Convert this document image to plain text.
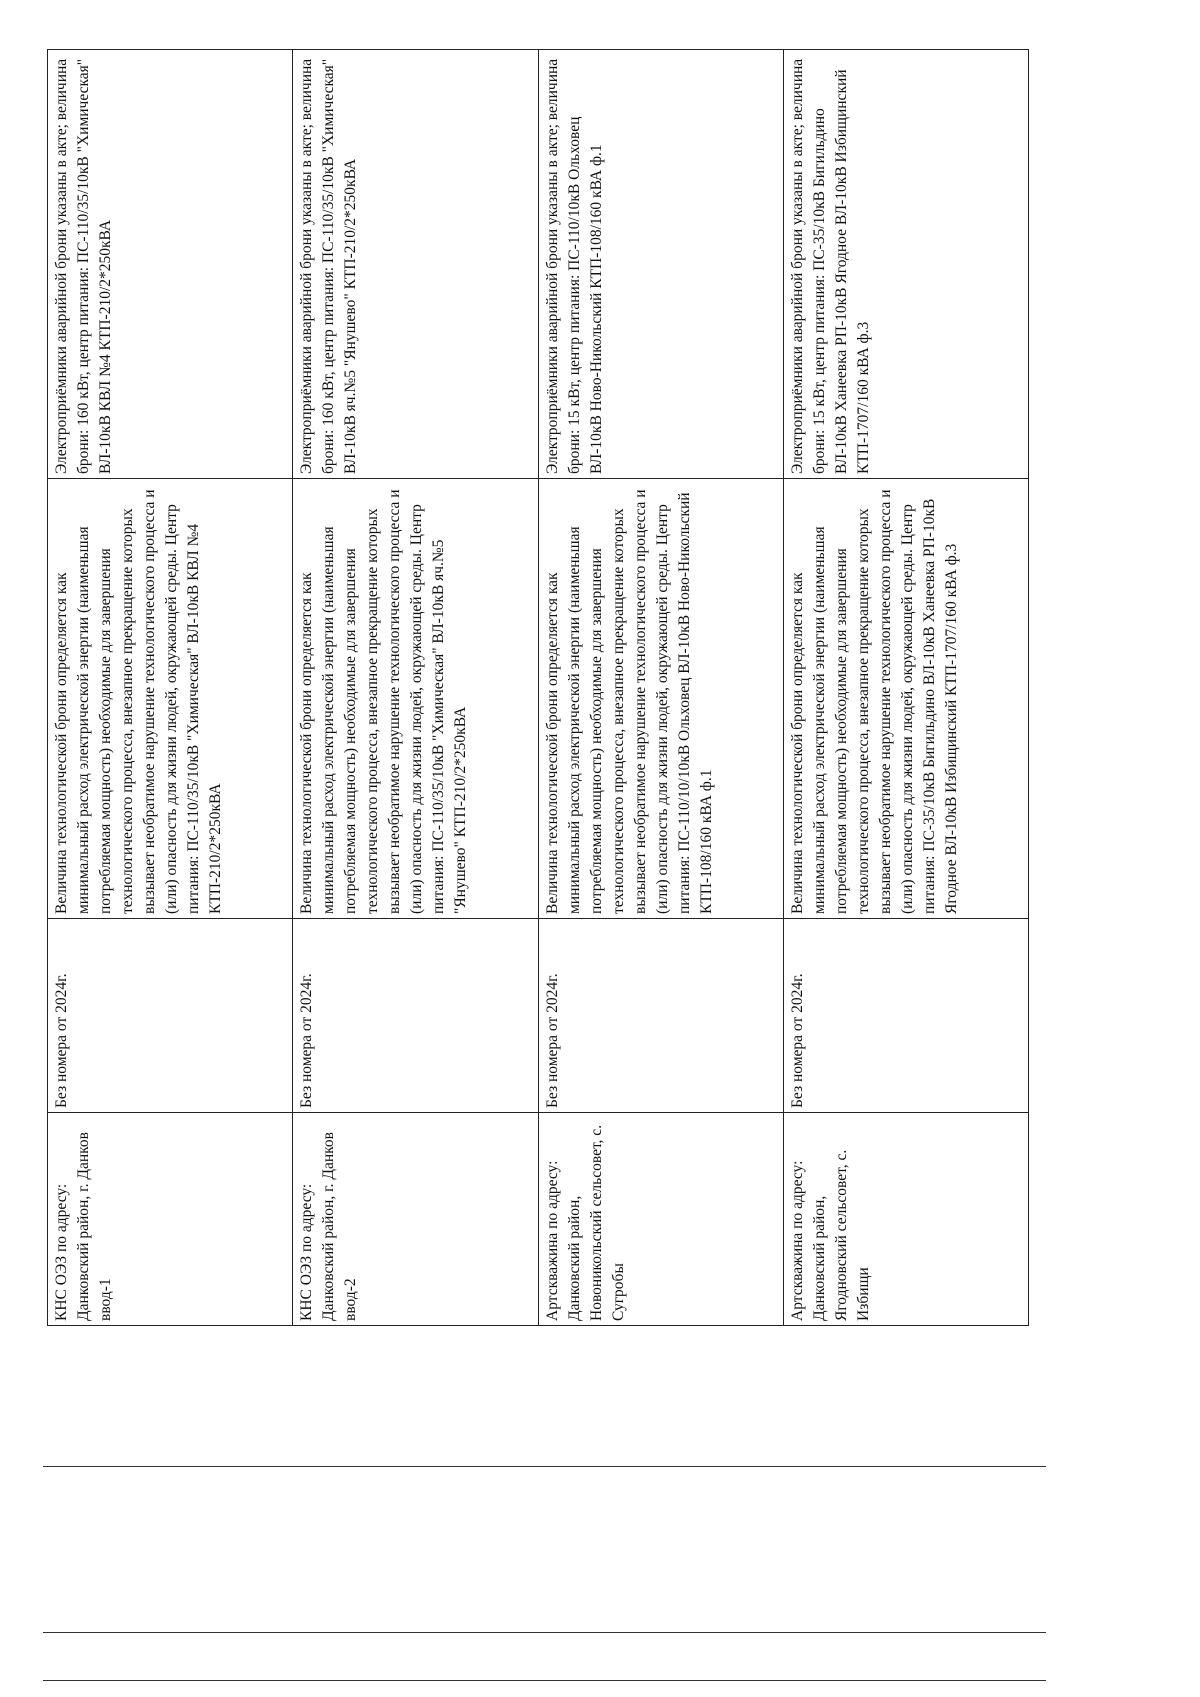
КНС ОЭЗ по адресу: Данковский район, г. Данков ввод-1	Без номера от 2024г.	Величина технологической брони определяется как минимальный расход электрической энергии (наименьшая потребляемая мощность) необходимые для завершения технологического процесса, внезапное прекращение которых вызывает необратимое нарушение технологического процесса и (или) опасность для жизни людей, окружающей среды. Центр питания: ПС-110/35/10кВ "Химическая" ВЛ-10кВ КВЛ №4 КТП-210/2*250кВА	Электроприёмники аварийной брони указаны в акте; величина брони: 160 кВт, центр питания: ПС-110/35/10кВ "Химическая" ВЛ-10кВ КВЛ №4 КТП-210/2*250кВА
КНС ОЭЗ по адресу: Данковский район, г. Данков ввод-2	Без номера от 2024г.	Величина технологической брони определяется как минимальный расход электрической энергии (наименьшая потребляемая мощность) необходимые для завершения технологического процесса, внезапное прекращение которых вызывает необратимое нарушение технологического процесса и (или) опасность для жизни людей, окружающей среды. Центр питания: ПС-110/35/10кВ "Химическая" ВЛ-10кВ яч.№5 "Янушево" КТП-210/2*250кВА	Электроприёмники аварийной брони указаны в акте; величина брони: 160 кВт, центр питания: ПС-110/35/10кВ "Химическая" ВЛ-10кВ яч.№5 "Янушево" КТП-210/2*250кВА
Артскважина по адресу: Данковский район, Новоникольский сельсовет, с. Сугробы	Без номера от 2024г.	Величина технологической брони определяется как минимальный расход электрической энергии (наименьшая потребляемая мощность) необходимые для завершения технологического процесса, внезапное прекращение которых вызывает необратимое нарушение технологического процесса и (или) опасность для жизни людей, окружающей среды. Центр питания: ПС-110/10/10кВ Ольховец ВЛ-10кВ Ново-Никольский КТП-108/160 кВА ф.1	Электроприёмники аварийной брони указаны в акте; величина брони: 15 кВт, центр питания: ПС-110/10кВ Ольховец ВЛ-10кВ Ново-Никольский КТП-108/160 кВА ф.1
Артскважина по адресу: Данковский район, Ягодновский сельсовет, с. Избищи	Без номера от 2024г.	Величина технологической брони определяется как минимальный расход электрической энергии (наименьшая потребляемая мощность) необходимые для завершения технологического процесса, внезапное прекращение которых вызывает необратимое нарушение технологического процесса и (или) опасность для жизни людей, окружающей среды. Центр питания: ПС-35/10кВ Бигильдино ВЛ-10кВ Ханеевка РП-10кВ Ягодное ВЛ-10кВ Избищинский КТП-1707/160 кВА ф.3	Электроприёмники аварийной брони указаны в акте; величина брони: 15 кВт, центр питания: ПС-35/10кВ Бигильдино ВЛ-10кВ Ханеевка РП-10кВ Ягодное ВЛ-10кВ Избищинский КТП-1707/160 кВА ф.3
